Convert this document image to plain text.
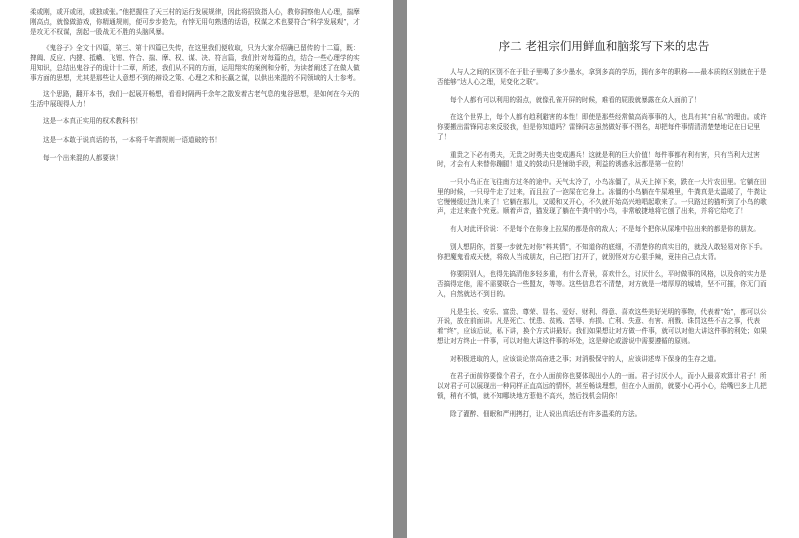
柔或刚，或开或闭，或独或张。”他把握住了天三村的运行发展规律，因此将招致指人心，教你洞察他人心理，揣摩刚高点，就像做游戏，你精通规则，便可步步抢先，有悖无用句熟透的话语，权谋之术也要符合“科学发展观”，才是攻无不权谋，刮起一股战无不胜的头脑风暴。

《鬼谷子》全文十四篇，第三、第十四篇已失传，在这里我们便收取，只为大家介绍确已留传的十二篇，既：捭阖、反应、内揵、抵巇、飞钳、忤合、揣、摩、权、谋、决、符言篇，我们针对每篇的点，结合一些心理学的实用知识，总结出鬼谷子的诡计十二章，所述，我们从不同的方面，运用翔实的案例和分析，为读者阐述了在做人做事方面的思想，尤其是那些让人意想不到的辩设之策、心理之术和长赢之谋，以供出来混的不同领域的人士参考。

这个思路，翻开本书，我们一起展开畅想，看看时隔两千余年之散发着古老气息的鬼谷思想，是如何在今天的生活中展现得人力！

这是一本真正实用的权术教科书！

这是一本敢于说真话的书，一本将千年潜规则一语道破的书！

每一个出来混的人都要读！

序二 老祖宗们用鲜血和脑浆写下来的忠告

人与人之间的区别不在于肚子里喝了多少墨水，拿到多高的学历，拥有多年的职称——最本质的区别就在于是否能够“达人心之理，见变化之联”。

每个人都有可以利用的弱点，就像孔雀开屏的时候，难看的屁股就暴露在众人面前了！

在这个世界上，每个人都有趋利避害的本性！即使是那些经常做高尚事事的人，也具有其“自私”的理由。或许你要搬出雷锋同志来反驳我，但是你知道吗？雷锋同志虽然做好事不图名，却把每件事情清清楚楚地记在日记里了！

重贵之下必有勇夫，无贵之时勇夫也变成遇兵！这就是利的巨大价值！每件事都有利有害，只有当利大过害时，才会有人来替你蹦腿！道义的鼓动只是铺助手段，利益的诱惑永远都是第一位的！

一只小鸟正在飞往南方过冬的途中。天气太冷了，小鸟冻僵了，从天上掉下来，跌在一大片农田里。它躺在田里的时候，一只母牛走了过来，而且拉了一泡屎在它身上。冻僵的小鸟躺在牛屎堆里，牛粪真是太温暖了，牛粪让它慢慢缓过劲儿来了！它躺在那儿，又暖和又开心，不久就开始高兴地唱起歌来了。一只路过的猫听到了小鸟的歌声，走过来查个究竟。顺着声音，猫发现了躺在牛粪中的小鸟，非常敏捷地将它刨了出来，并将它给吃了！

有人对此评价说：不是每个在你身上拉屎的都是你的敌人；不是每个把你从屎堆中拉出来的都是你的朋友。

别人想阴你，首要一步就先对你“料其情”，不知道你的底细，不清楚你的真实目的，就没人敢轻易对你下手。你把魔鬼看成天使，将敌人当成朋友，自己把门打开了，就别怪对方心狠手辣，竟挂自己点太背。

你要阴别人，也得先搞清他多轻多重，有什么背景，喜欢什么，讨厌什么，平时做事的风格，以及你的实力是否搞得定他，需不需要联合一些盟友，等等。这些信息若不清楚，对方就是一堵厚厚的城墙，坚不可摧，你无门而入，自然就达不到目的。

凡是生长、安乐、富贵、尊荣、显名、爱好、财利、得意、喜欢这些美好光明的事物，代表着“始”，都可以公开说，放在前面讲。凡是死亡、忧患、贫贱、苦辱、弃损、亡利、失意、有害、刑戮、诛罚这些不吉之事，代表着“终”，应该后说，私下讲，换个方式讲最好。我们如果想让对方做一件事，就可以对他大讲这件事的利处；如果想让对方终止一件事，可以对他大讲这件事的坏处，这是辩论或游说中需要遵循的原则。

对积极进取的人，应该谈论崇高奋进之事；对消极保守的人，应该讲述卑下保身的生存之道。

在君子面前你要像个君子，在小人面前你也要体现出小人的一面。君子讨厌小人，而小人最喜欢算计君子！所以对君子可以展现出一种同样正直高远的情怀，甚至畅谈理想，但在小人面前，就要小心再小心，给嘴巴多上几把锁，稍有不慎，就不知哪块地方惹他不高兴，然后找机会阴你！

除了灌醉、佃眠和严刑拷打，让人说出真话还有许多温柔的方法。
